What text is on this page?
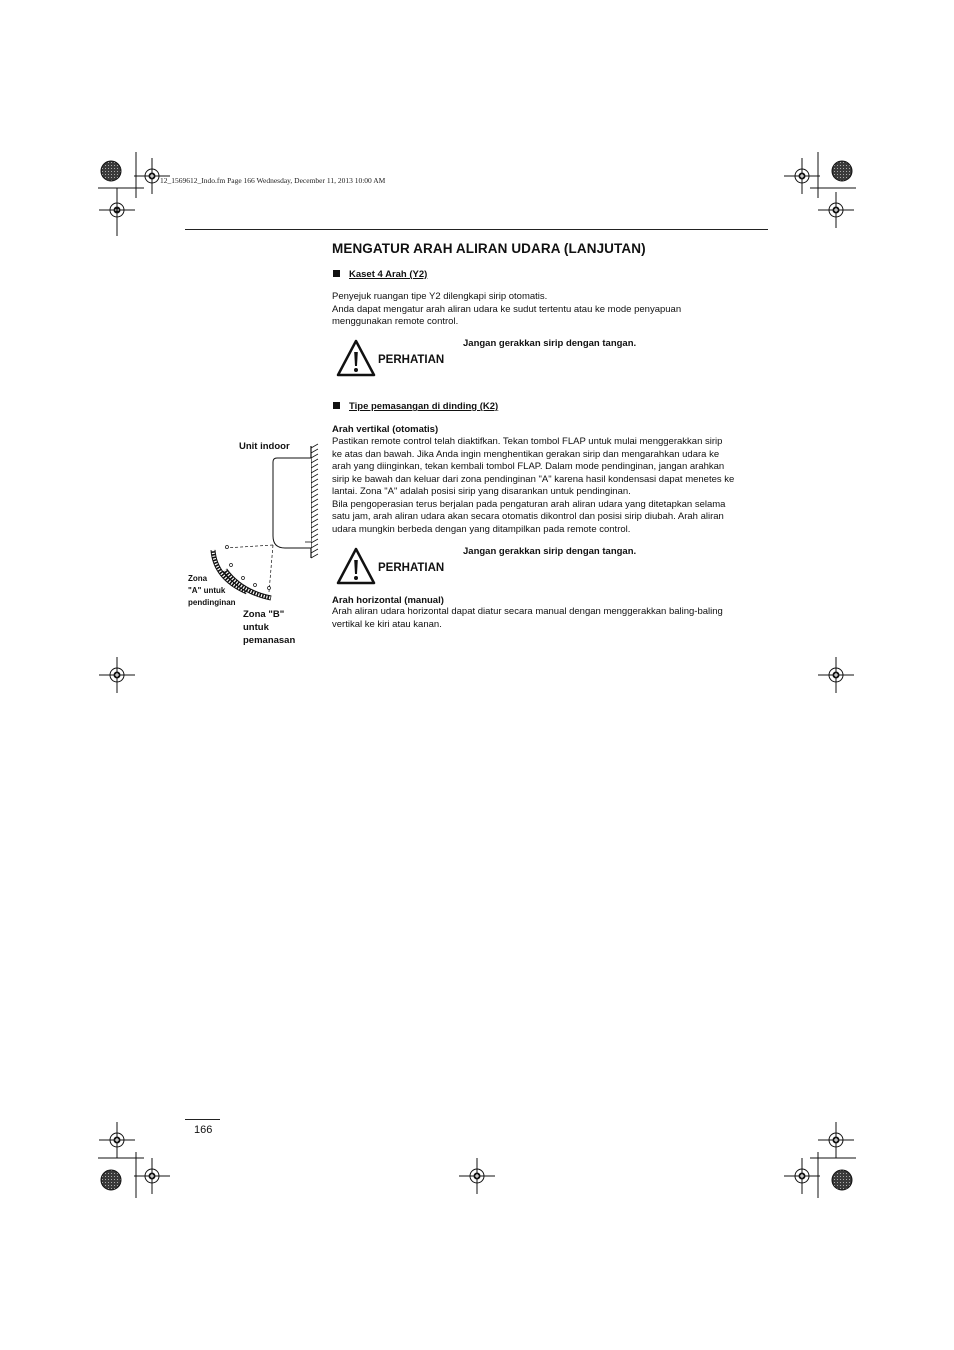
12_1569612_Indo.fm Page 166 Wednesday, December 11, 2013 10:00 AM
MENGATUR ARAH ALIRAN UDARA (LANJUTAN)
Kaset 4 Arah (Y2)
Penyejuk ruangan tipe Y2 dilengkapi sirip otomatis.
Anda dapat mengatur arah aliran udara ke sudut tertentu atau ke mode penyapuan
menggunakan remote control.
PERHATIAN
Jangan gerakkan sirip dengan tangan.
Tipe pemasangan di dinding (K2)
Arah vertikal (otomatis)
Pastikan remote control telah diaktifkan. Tekan tombol FLAP untuk mulai menggerakkan sirip
ke atas dan bawah. Jika Anda ingin menghentikan gerakan sirip dan mengarahkan udara ke
arah yang diinginkan, tekan kembali tombol FLAP. Dalam mode pendinginan, jangan arahkan
sirip ke bawah dan keluar dari zona pendinginan "A" karena hasil kondensasi dapat menetes ke
lantai. Zona "A" adalah posisi sirip yang disarankan untuk pendinginan.
Bila pengoperasian terus berjalan pada pengaturan arah aliran udara yang ditetapkan selama
satu jam, arah aliran udara akan secara otomatis dikontrol dan posisi sirip diubah. Arah aliran
udara mungkin berbeda dengan yang ditampilkan pada remote control.
PERHATIAN
Jangan gerakkan sirip dengan tangan.
Arah horizontal (manual)
Arah aliran udara horizontal dapat diatur secara manual dengan menggerakkan baling-baling
vertikal ke kiri atau kanan.
Unit indoor
Zona
"A" untuk
pendinginan
Zona "B"
untuk
pemanasan
166
